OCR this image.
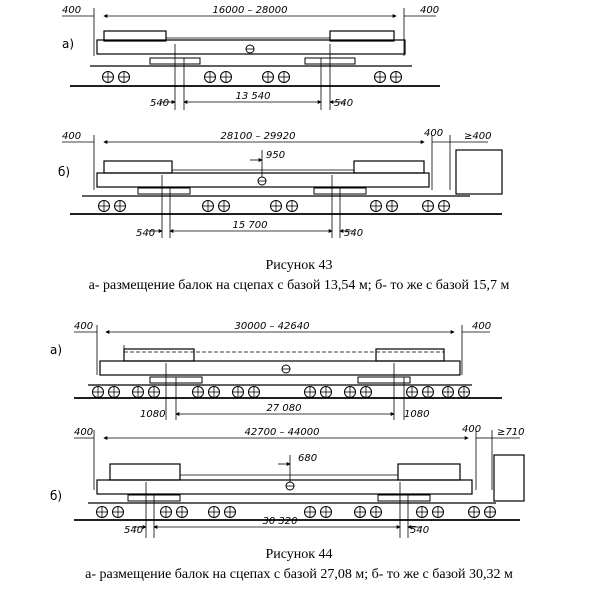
а)
400	400
16000 – 28000
13 540
540	540
б)
400	400 ≥400
28100 – 29920
950
15 700
540	540
а)
400	400
30000 – 42640
27 080
1080	1080
б)
400	400 ≥710
42700 – 44000
680
30 320
540	540
Рисунок 43
а- размещение балок на сцепах с базой 13,54 м; б- то же с базой 15,7 м
Рисунок 44
а- размещение балок на сцепах с базой 27,08 м; б- то же с базой 30,32 м
